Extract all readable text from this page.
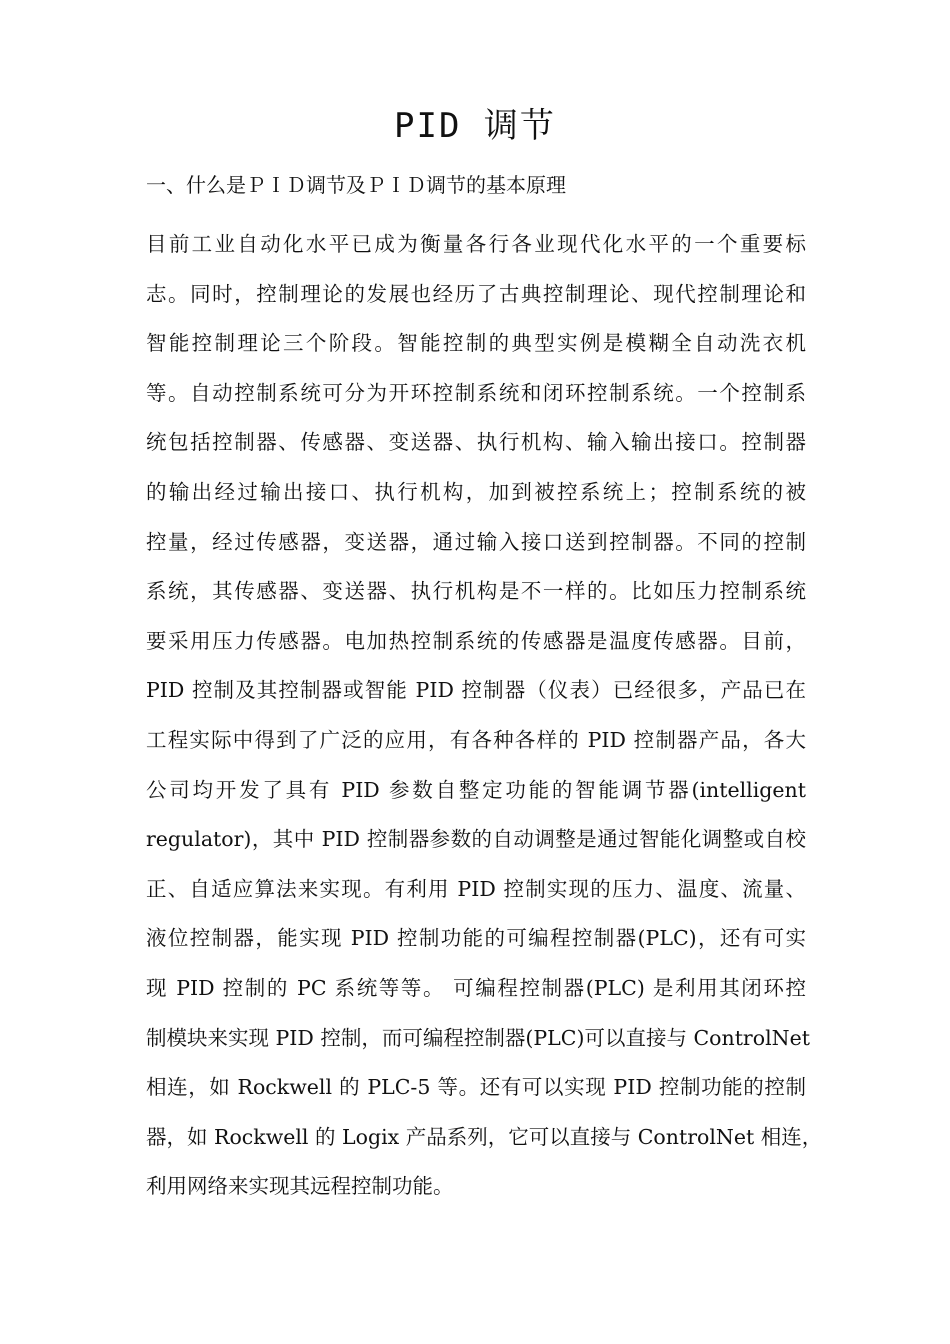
PID 调节
一、什么是ＰＩＤ调节及ＰＩＤ调节的基本原理
目前工业自动化水平已成为衡量各行各业现代化水平的一个重要标
志。同时，控制理论的发展也经历了古典控制理论、现代控制理论和
智能控制理论三个阶段。智能控制的典型实例是模糊全自动洗衣机
等。自动控制系统可分为开环控制系统和闭环控制系统。一个控制系
统包括控制器、传感器、变送器、执行机构、输入输出接口。控制器
的输出经过输出接口、执行机构，加到被控系统上；控制系统的被
控量，经过传感器，变送器，通过输入接口送到控制器。不同的控制
系统，其传感器、变送器、执行机构是不一样的。比如压力控制系统
要采用压力传感器。电加热控制系统的传感器是温度传感器。目前，
PID 控制及其控制器或智能 PID 控制器（仪表）已经很多，产品已在
工程实际中得到了广泛的应用，有各种各样的 PID 控制器产品，各大
公司均开发了具有 PID 参数自整定功能的智能调节器(intelligent
regulator)，其中 PID 控制器参数的自动调整是通过智能化调整或自校
正、自适应算法来实现。有利用 PID 控制实现的压力、温度、流量、
液位控制器，能实现 PID 控制功能的可编程控制器(PLC)，还有可实
现 PID 控制的 PC 系统等等。 可编程控制器(PLC) 是利用其闭环控
制模块来实现 PID 控制，而可编程控制器(PLC)可以直接与 ControlNet
相连，如 Rockwell 的 PLC-5 等。还有可以实现 PID 控制功能的控制
器，如 Rockwell 的 Logix 产品系列，它可以直接与 ControlNet 相连，
利用网络来实现其远程控制功能。
